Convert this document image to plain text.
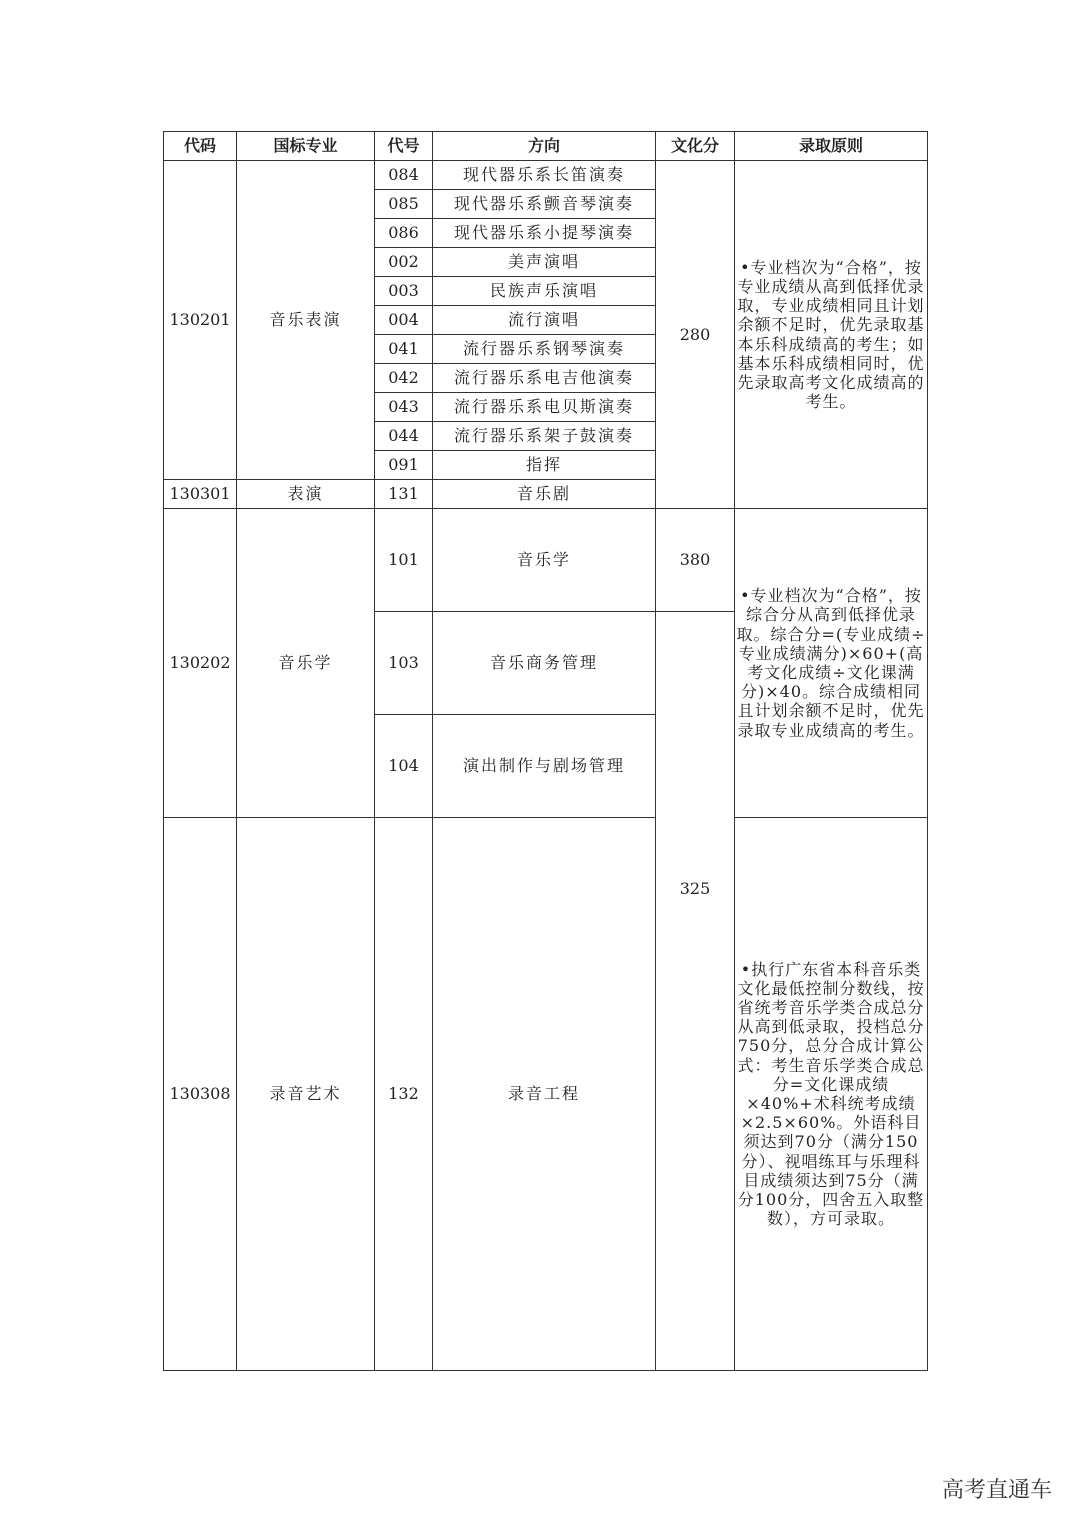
代码	国标专业	代号	方向	文化分	录取原则
130201	音乐表演	084	现代器乐系长笛演奏	280	•专业档次为“合格”，按专业成绩从高到低择优录取，专业成绩相同且计划余额不足时，优先录取基本乐科成绩高的考生；如基本乐科成绩相同时，优先录取高考文化成绩高的考生。
		085	现代器乐系颤音琴演奏		
		086	现代器乐系小提琴演奏		
		002	美声演唱		
		003	民族声乐演唱		
		004	流行演唱		
		041	流行器乐系钢琴演奏		
		042	流行器乐系电吉他演奏		
		043	流行器乐系电贝斯演奏		
		044	流行器乐系架子鼓演奏		
		091	指挥		
130301	表演	131	音乐剧		
130202	音乐学	101	音乐学	380	•专业档次为“合格”，按综合分从高到低择优录取。综合分=(专业成绩÷专业成绩满分)×60+(高考文化成绩÷文化课满分)×40。综合成绩相同且计划余额不足时，优先录取专业成绩高的考生。
		103	音乐商务管理	325	

		104	演出制作与剧场管理		
130308	录音艺术	132	录音工程		•执行广东省本科音乐类文化最低控制分数线，按省统考音乐学类合成总分从高到低录取，投档总分750分，总分合成计算公式：考生音乐学类合成总分=文化课成绩×40%+术科统考成绩×2.5×60%。外语科目须达到70分（满分150分）、视唱练耳与乐理科目成绩须达到75分（满分100分，四舍五入取整数），方可录取。
高考直通车
